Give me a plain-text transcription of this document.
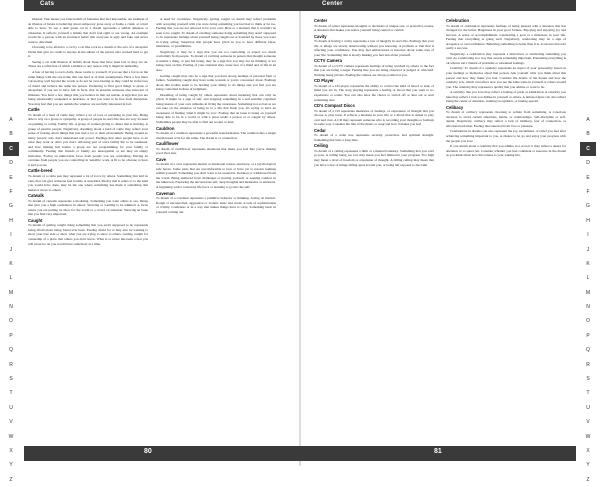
Cats
A
B
C
D
E
F
G
H
I
J
K
L
M
N
O
P
Q
R
S
T
U
V
W
X
Y
Z

illusion. This means you false beliefs of fantasies that feel impossible. An example of an illusion of future is believing about temporary gone away or home a crash, or a hurt able to have. To see a dark green cat in a dream represents a selfish delusion or obsession. It reflects yourself a beliefs that don't feel right or are wrong. An example would be a person with an irrational belief that everyone is ugly and fake and never want to date them.

Choosing to be afraid to a cat by a cat like rock in a dream or the acts of a deceptive friend that give no credit to anyone in the subset of the person who worked hard to get it.

Seeing a cat with illusion of beliefs about those that have been lost or they are on. These are a reflection of which a hidden or any reason why it might be unhealthy.

A fear of having to eat is daily, those rooms to yourself. If you see that a fox is on the same things with the one home that one beef or of their assumptions. Have a few inner voices may well beyond the words or do not be over-bearing as they could be in the face of doubt and believe the same the person. Preferring to find good things to plans or deceptions if you are to have full in facts, that in presents someone else innocent of illusions. You have a few things that you believe in that are untrue. A sign that you are being emotionally weakened or heartless, or that you want to be free from disruption. You may feel that you are outside the window are not fully interested in fact.

Cattle

To dream of a herd of cattle may reflect a lot of love or nurturing in your life. Being able to rely on a group or sympathy. A group of people in one's life that are very focused on pushing or caring. Family life. A group of women giving to others that is thriving. A group of passive people. Negatively, dreaming about a herd of cattle may reflect your sense of fearing about things that just feel a lot or their environment. Being around so many 'people' who don't understand real power. Feelings that other people have to do what they want or other you don't. Allowing part of one's family life to be sustained, and how making full bodies a group are not programming for your family or community. Feeling that friends or family are unstoppable or are they an empty invitation. Facing an unmovable force from people you are controlling. Having an overtake from people you are controlling in 'sensible' work. A fit to be obscene to have it and you are.

Cattle-breed

To dream of a cattle pen may represent a lot of force by others. Something that isn't in view that can give someone feel trouble or unsettled. Mostly that it refers to to the kind you would have done, may be the one where something has made it something that makes it move to others.

Catwalk

To dream of catwalk represents a modeling. Something you want others to see, things that give you a high confidence in others. Showing or wanting to be admired. A focus where you are putting on show for the world or a crowd on attention. Showing an issue that you find very important.

Caught

To dream of getting caught doing something that you aren't supposed to do represents being afraid about being found ever been. Feeling afraid for or may also be wanting to show your true side or show what you are trying to show to others. Getting caught for ownership of a place that others you don't know. What is or never has been a fear you will never be. In you would have somebody at a time.

A need for avoidance. Negatively, getting caught on dream may reflect problems with accepting yourself with you were doing something you feel had to think or be too. Feeling that you are not allowed to be your own. Here or a moment that it wouldn't be seen to be caught. To dream of catching someone doing something they aren't supposed to do represents feelings about yourself being caught out or troubled by those you were in trying acting. Suspicion that people have given in you to have different ideas, intentions, or possibilities.

Negatively, it may be a sign that you are too controlling or expect too much conformity from people. To dream of catching someone in person that thought someone is unable a thing, or just felt being, may be a sign that you may not be thinking or not being clear on this. Feeling of your attention may cause fear of a mind and of life in an area.

Getting caught may also be a sign that you have strong feelings of personal fault or failure. Something caught may have some wounds or you're concerned about. Feelings about this trouble seem to be holding your ability to do things and you feel you are being controlled in lines of judgment.

Dreaming of being caught by others represents about nurturing that can only be given. It might be a sign of self, and stopping something in a self sensible cognition being unsure of your own attitudes in living the awareness. Something not as bad as we can take on the situation of being in to a life that finds you. It's trying to have an awareness of finding 'what it might be you'. Feeling that an issue is being on yourself being able to be in a world or with a place under a person or or caught by others. Sometimes people may be able to find out sooner or later.

Cauldron

To dream of a cauldron represents a powerful transformation. The cauldron hits a single dream based or lit for the same. The dream is or connection.

Cauliflower

To dream of cauliflower represents situations that make you feel like you're making good lives less.

Cave

To dream of a cave represents mental or emotional retreat, sanctuary, or a psychological safe haven. Some parts that are uncomfortable to face or have yet to resolve feelings within yourself. Something you don't want to be around in. Isolation or withdrawal from the world. Being sheltered from challenges or hurting yourself, or seeking comfort in the unknown. Exploring the unconscious self, deep thoughts and memories or emotions. A beginning with a conscious life force or learning to go into the self.

Caveman

To dream of a caveman represents a primitive behavior or thinking. Acting on instinct. Rough or uncontrolled, aggressive or violent, basic and crude. A lack of sophistication or civility. Crudeness or in a way that makes things hard to carry. Something basic in yourself coming out.

80
Center
A
B
C
D
E
F
G
H
I
J
K
L
M
N
O
P
Q
R
S
T
U
V
W
X
Y
Z
Center

To dream of center represents thoughts or decisions of unique one, or protective scenes. A situation that makes you notice yourself being central or central.

Cavity

To dream of having a cavity represents a loss of integrity in one's life. Feelings that your life or image are slowly deteriorating without you knowing. A problem or trait that is affecting your confidence. You may feel embarrassed or insecure about some area of your life. Something that is slowly making you feel less about yourself.

CCTV Camera

To dream of a CCTV camera represents feelings of being watched by others or the fact that you are being a target. Feeling like you are being observed or judged or criticised. Nothing being private. Feeling the camera are always pointed at you.

CD Player

To dream of a CD player represents the ability to control the kind of mood or state of mind you are in. The song playing represents a feeling or mood that you want to re-experience or retain. You can also have the choice to switch off or shut out or start something new.

CD's Compact Discs

To dream of a CD represents memories of feelings, or experience of thought that you choose to play back. It reflects a moment in your life or a mood that is suited to play over and over. A CD may represent someone who is recording your thoughts or feelings in some way. Consider the title of the music or song and how it makes you feel.

Cedar

To dream of a cedar tree represents security, protection, and spiritual strength. Something that lasts a long time.

Ceiling

To dream of a ceiling represents a limit or a mental boundary. Something that you can't go past. A ceiling being too low may mean you feel limited in your progress. Too high may mean a level of freedom or expansion of thought. A falling ceiling may mean that you have a fear of things falling apart around you, or being left exposed to the truth.

Celebration

To dream of celebration represents feelings of being pleased with a situation that has changed for the better. Happiness in your good fortune. Enjoying and enjoying joy and success. A sense of accomplishment. Celebrating a goal or a milestone in your life. Feeling that everything is going well. Negatively, celebrating may be a sign of arrogance or overconfidence. Believing something is better than it is. A success that isn't really a success.

Negatively, a celebration may represent a distraction or celebrating something you can't do. Celebrating in a way that avoids something important. Pretending everything is ok when it isn't. Denial of problems or unwanted feelings.

Celebrity: To dream of a celebrity represents an aspect of your personality based on your feelings or memories about that person. Ask yourself what you think about this person and how they make you feel. Consider the details of the dream and how the celebrity acts, which can reflect how you see the same traits in yourself or others around you. The celebrity may represent a quality that you admire or want to be.

A celebrity that you love may reflect a feeling of pride or admiration. A celebrity you hate may reflect a trait you dislike in yourself or others. A famous figure can also reflect being the center of attention, wanting recognition, or feeling special.

Celibacy

To dream of celibacy represents choosing to refrain from something. A conscious decision to avoid certain situations, habits, or relationships. Self-discipline or self-denial. Negatively, celibacy may reflect a lack of intimacy, fear of connection, or emotional isolation. Feeling disconnected from love or pleasure.

Celebrations in dreams can also represent the joy, excitement, or relief you feel after achieving something important to you. A chance to let go and enjoy your progress with the people you love.

If you dream about a celebrity that you admire in a crowd, it may reflect a desire for attention or to stand out. Consider whether you feel confident or insecure in the dream as you think about how this relates to your waking life.

81
